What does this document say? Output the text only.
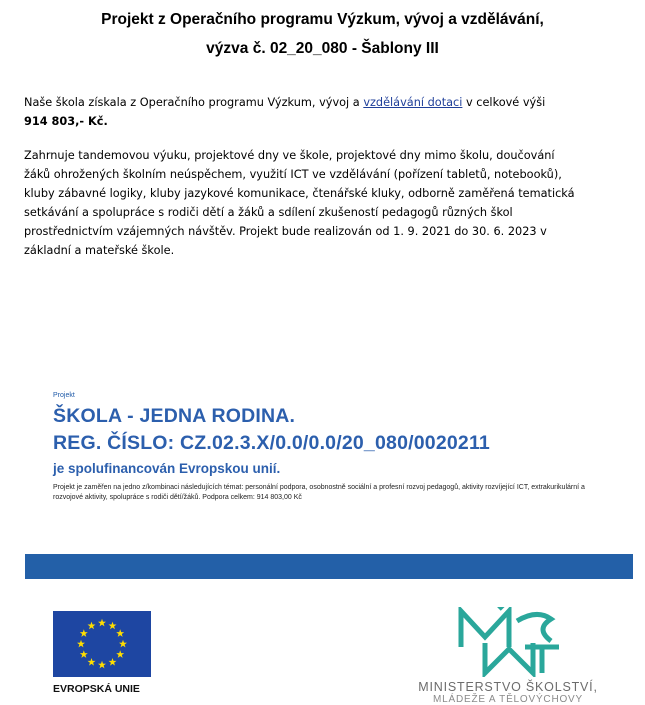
Projekt z Operačního programu Výzkum, vývoj a vzdělávání,
výzva č. 02_20_080 - Šablony III
Naše škola získala z Operačního programu Výzkum, vývoj a vzdělávání dotaci v celkové výši
914 803,- Kč.
Zahrnuje tandemovou výuku, projektové dny ve škole, projektové dny mimo školu, doučování žáků ohrožených školním neúspěchem, využití ICT ve vzdělávání (pořízení tabletů, notebooků), kluby zábavné logiky, kluby jazykové komunikace, čtenářské kluky, odborně zaměřená tematická setkávání a spolupráce s rodiči dětí a žáků a sdílení zkušeností pedagogů různých škol prostřednictvím vzájemných návštěv. Projekt bude realizován od 1. 9. 2021 do 30. 6. 2023 v základní a mateřské škole.
Projekt
ŠKOLA - JEDNA RODINA.
REG. ČÍSLO: CZ.02.3.X/0.0/0.0/20_080/0020211
je spolufinancován Evropskou unií.
Projekt je zaměřen na jedno z/kombinaci následujících témat: personální podpora, osobnostně sociální a profesní rozvoj pedagogů, aktivity rozvíjející ICT, extrakurikulární a rozvojové aktivity, spolupráce s rodiči dětí/žáků. Podpora celkem: 914 803,00 Kč
EVROPSKÁ UNIE	MINISTERSTVO ŠKOLSTVÍ,
MLÁDEŽE A TĚLOVÝCHOVY
